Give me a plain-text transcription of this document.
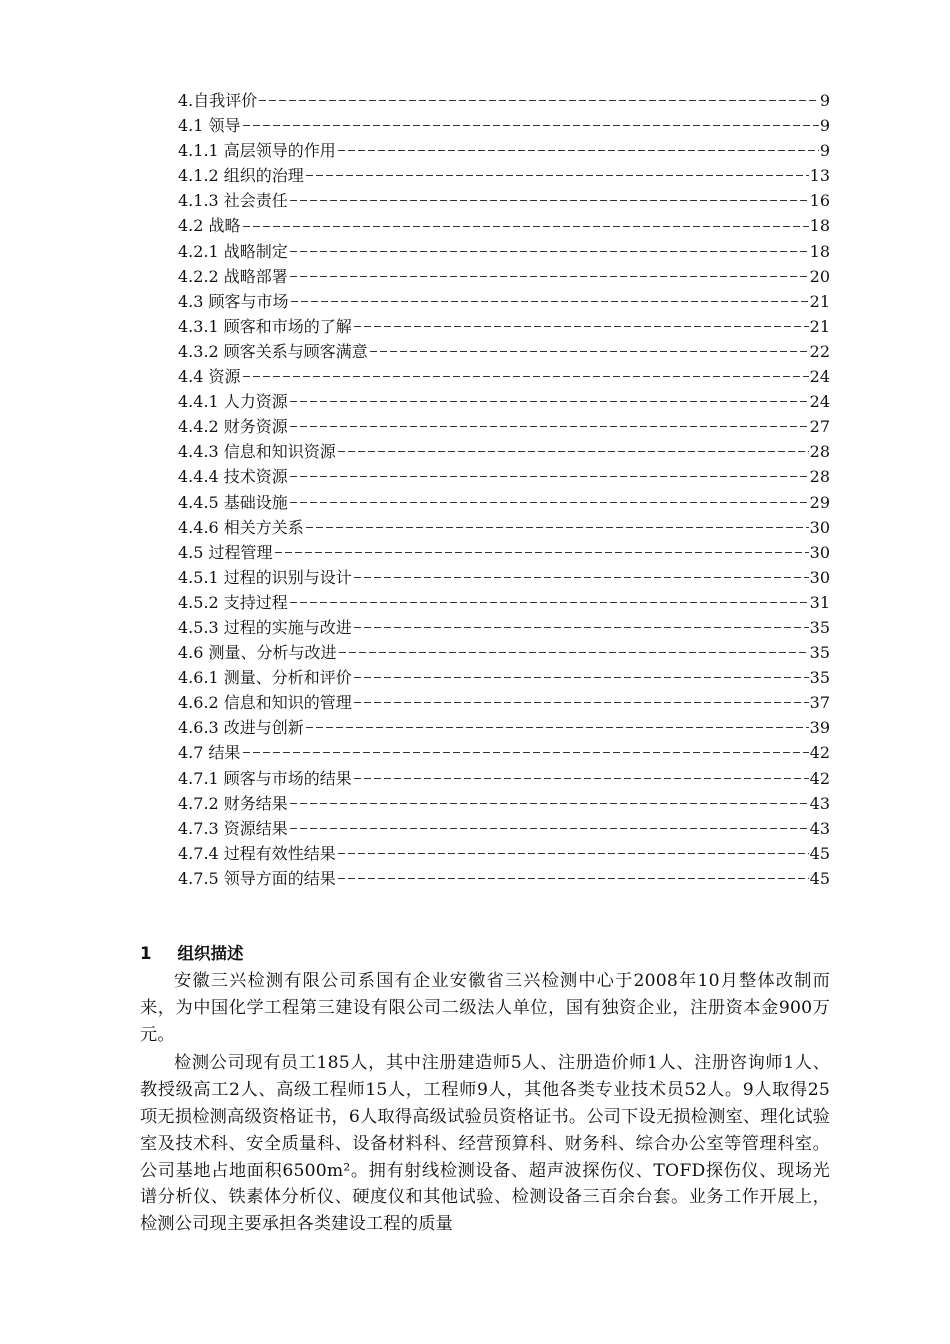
4.自我评价	9
4.1 领导	9
4.1.1 高层领导的作用	9
4.1.2 组织的治理	13
4.1.3 社会责任	16
4.2 战略	18
4.2.1 战略制定	18
4.2.2 战略部署	20
4.3 顾客与市场	21
4.3.1 顾客和市场的了解	21
4.3.2 顾客关系与顾客满意	22
4.4 资源	24
4.4.1 人力资源	24
4.4.2 财务资源	27
4.4.3 信息和知识资源	28
4.4.4 技术资源	28
4.4.5 基础设施	29
4.4.6 相关方关系	30
4.5 过程管理	30
4.5.1 过程的识别与设计	30
4.5.2 支持过程	31
4.5.3 过程的实施与改进	35
4.6 测量、分析与改进	35
4.6.1 测量、分析和评价	35
4.6.2 信息和知识的管理	37
4.6.3 改进与创新	39
4.7 结果	42
4.7.1 顾客与市场的结果	42
4.7.2 财务结果	43
4.7.3 资源结果	43
4.7.4 过程有效性结果	45
4.7.5 领导方面的结果	45
1 组织描述

安徽三兴检测有限公司系国有企业安徽省三兴检测中心于2008年10月整体改制而来，为中国化学工程第三建设有限公司二级法人单位，国有独资企业，注册资本金900万元。

检测公司现有员工185人，其中注册建造师5人、注册造价师1人、注册咨询师1人、教授级高工2人、高级工程师15人，工程师9人，其他各类专业技术员52人。9人取得25项无损检测高级资格证书，6人取得高级试验员资格证书。公司下设无损检测室、理化试验室及技术科、安全质量科、设备材料科、经营预算科、财务科、综合办公室等管理科室。公司基地占地面积6500m²。拥有射线检测设备、超声波探伤仪、TOFD探伤仪、现场光谱分析仪、铁素体分析仪、硬度仪和其他试验、检测设备三百余台套。业务工作开展上，检测公司现主要承担各类建设工程的质量
